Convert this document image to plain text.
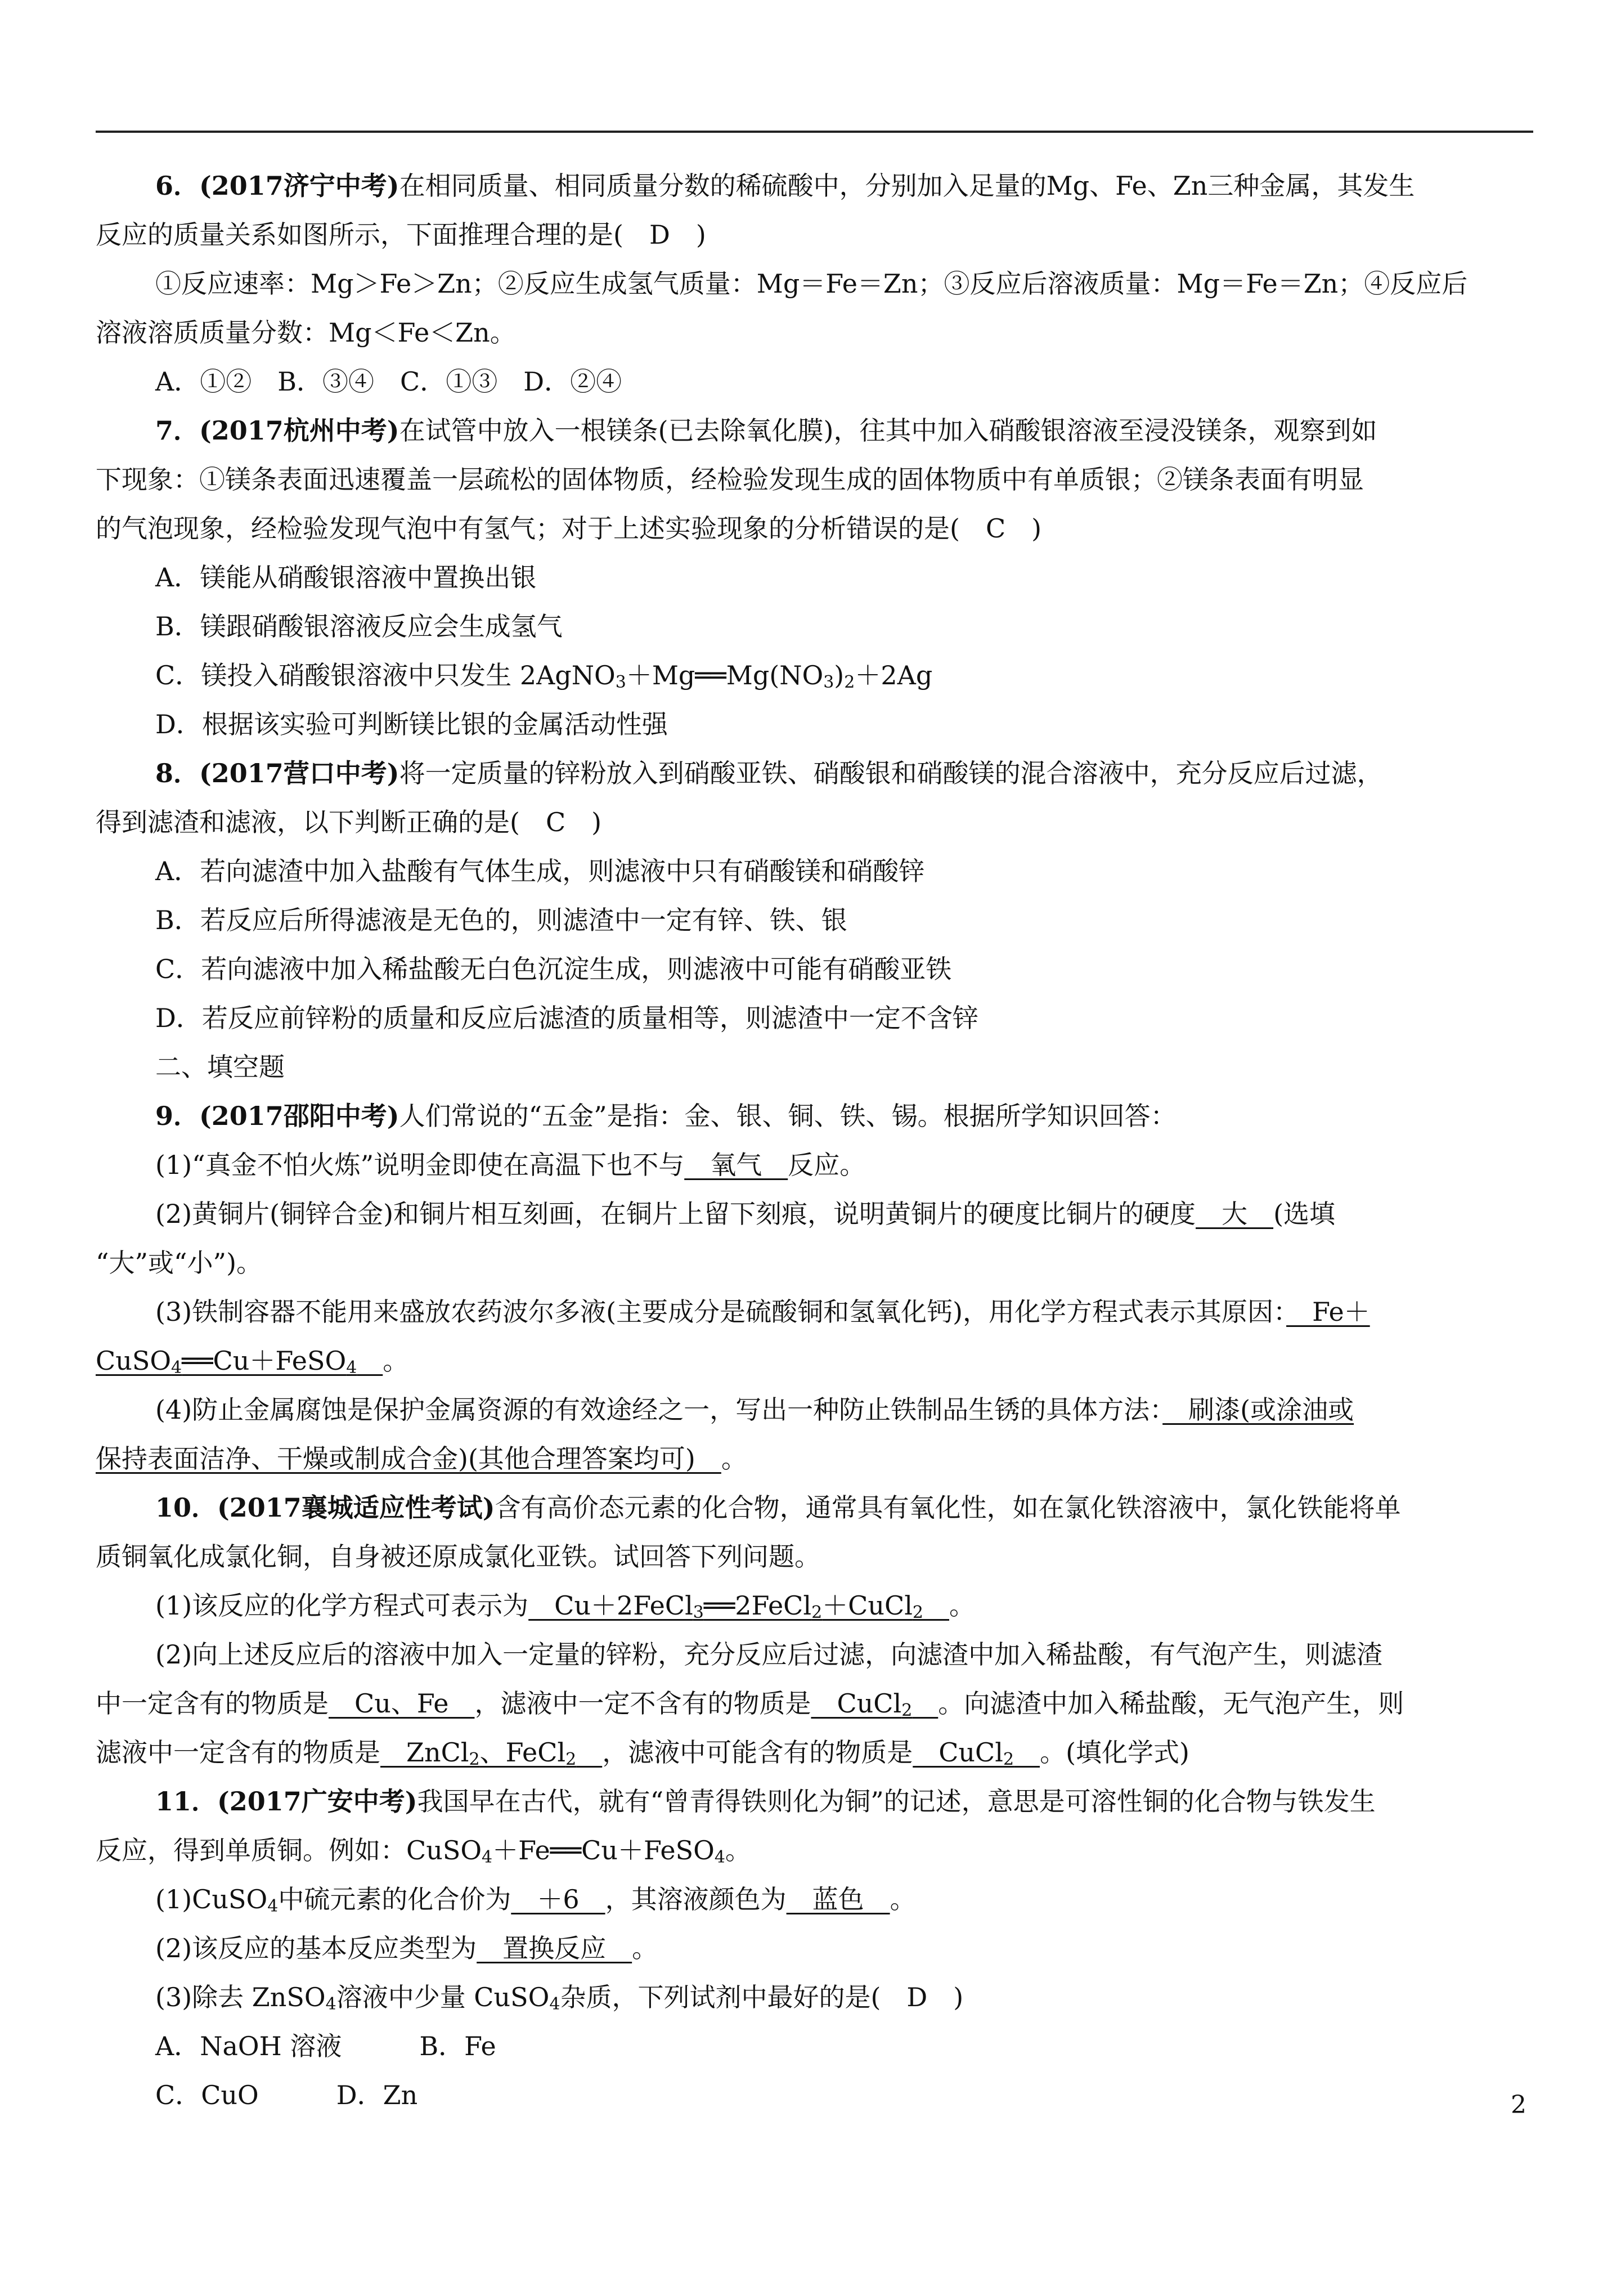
6．(2017济宁中考)在相同质量、相同质量分数的稀硫酸中，分别加入足量的Mg、Fe、Zn三种金属，其发生
反应的质量关系如图所示，下面推理合理的是(　D　)
①反应速率：Mg＞Fe＞Zn；②反应生成氢气质量：Mg＝Fe＝Zn；③反应后溶液质量：Mg＝Fe＝Zn；④反应后
溶液溶质质量分数：Mg＜Fe＜Zn。
A．①②　B．③④　C．①③　D．②④
7．(2017杭州中考)在试管中放入一根镁条(已去除氧化膜)，往其中加入硝酸银溶液至浸没镁条，观察到如
下现象：①镁条表面迅速覆盖一层疏松的固体物质，经检验发现生成的固体物质中有单质银；②镁条表面有明显
的气泡现象，经检验发现气泡中有氢气；对于上述实验现象的分析错误的是(　C　)
A．镁能从硝酸银溶液中置换出银
B．镁跟硝酸银溶液反应会生成氢气
C．镁投入硝酸银溶液中只发生 $2AgNO_3+Mg══Mg(NO_3)_2+2Ag$
D．根据该实验可判断镁比银的金属活动性强
8．(2017营口中考)将一定质量的锌粉放入到硝酸亚铁、硝酸银和硝酸镁的混合溶液中，充分反应后过滤，
得到滤渣和滤液，以下判断正确的是(　C　)
A．若向滤渣中加入盐酸有气体生成，则滤液中只有硝酸镁和硝酸锌
B．若反应后所得滤液是无色的，则滤渣中一定有锌、铁、银
C．若向滤液中加入稀盐酸无白色沉淀生成，则滤液中可能有硝酸亚铁
D．若反应前锌粉的质量和反应后滤渣的质量相等，则滤渣中一定不含锌
二、填空题
9．(2017邵阳中考)人们常说的“五金”是指：金、银、铜、铁、锡。根据所学知识回答：
(1)“真金不怕火炼”说明金即使在高温下也不与　氧气　反应。
(2)黄铜片(铜锌合金)和铜片相互刻画，在铜片上留下刻痕，说明黄铜片的硬度比铜片的硬度　大　(选填
“大”或“小”)。
(3)铁制容器不能用来盛放农药波尔多液(主要成分是硫酸铜和氢氧化钙)，用化学方程式表示其原因：　Fe＋
CuSO$_4$══Cu＋FeSO$_4$　 。
(4)防止金属腐蚀是保护金属资源的有效途经之一，写出一种防止铁制品生锈的具体方法：　刷漆(或涂油或
保持表面洁净、干燥或制成合金)(其他合理答案均可)　。
10．(2017襄城适应性考试)含有高价态元素的化合物，通常具有氧化性，如在氯化铁溶液中，氯化铁能将单
质铜氧化成氯化铜，自身被还原成氯化亚铁。试回答下列问题。
(1)该反应的化学方程式可表示为　Cu＋2FeCl$_3$══2FeCl$_2$＋CuCl$_2$　 。
(2)向上述反应后的溶液中加入一定量的锌粉，充分反应后过滤，向滤渣中加入稀盐酸，有气泡产生，则滤渣
中一定含有的物质是　Cu、Fe　，滤液中一定不含有的物质是　CuCl$_2$　 。向滤渣中加入稀盐酸，无气泡产生，则
滤液中一定含有的物质是　ZnCl$_2$、FeCl$_2$　 ，滤液中可能含有的物质是　CuCl$_2$　 。(填化学式)
11．(2017广安中考)我国早在古代，就有“曾青得铁则化为铜”的记述，意思是可溶性铜的化合物与铁发生
反应，得到单质铜。例如：CuSO$_4$＋Fe══Cu＋FeSO$_4$。
(1)CuSO$_4$中硫元素的化合价为　＋6　，其溶液颜色为　蓝色　。
(2)该反应的基本反应类型为　置换反应　。
(3)除去 ZnSO$_4$溶液中少量 CuSO$_4$杂质，下列试剂中最好的是(　D　)
A．NaOH 溶液　　　B．Fe
C．CuO　　　D．Zn	2
